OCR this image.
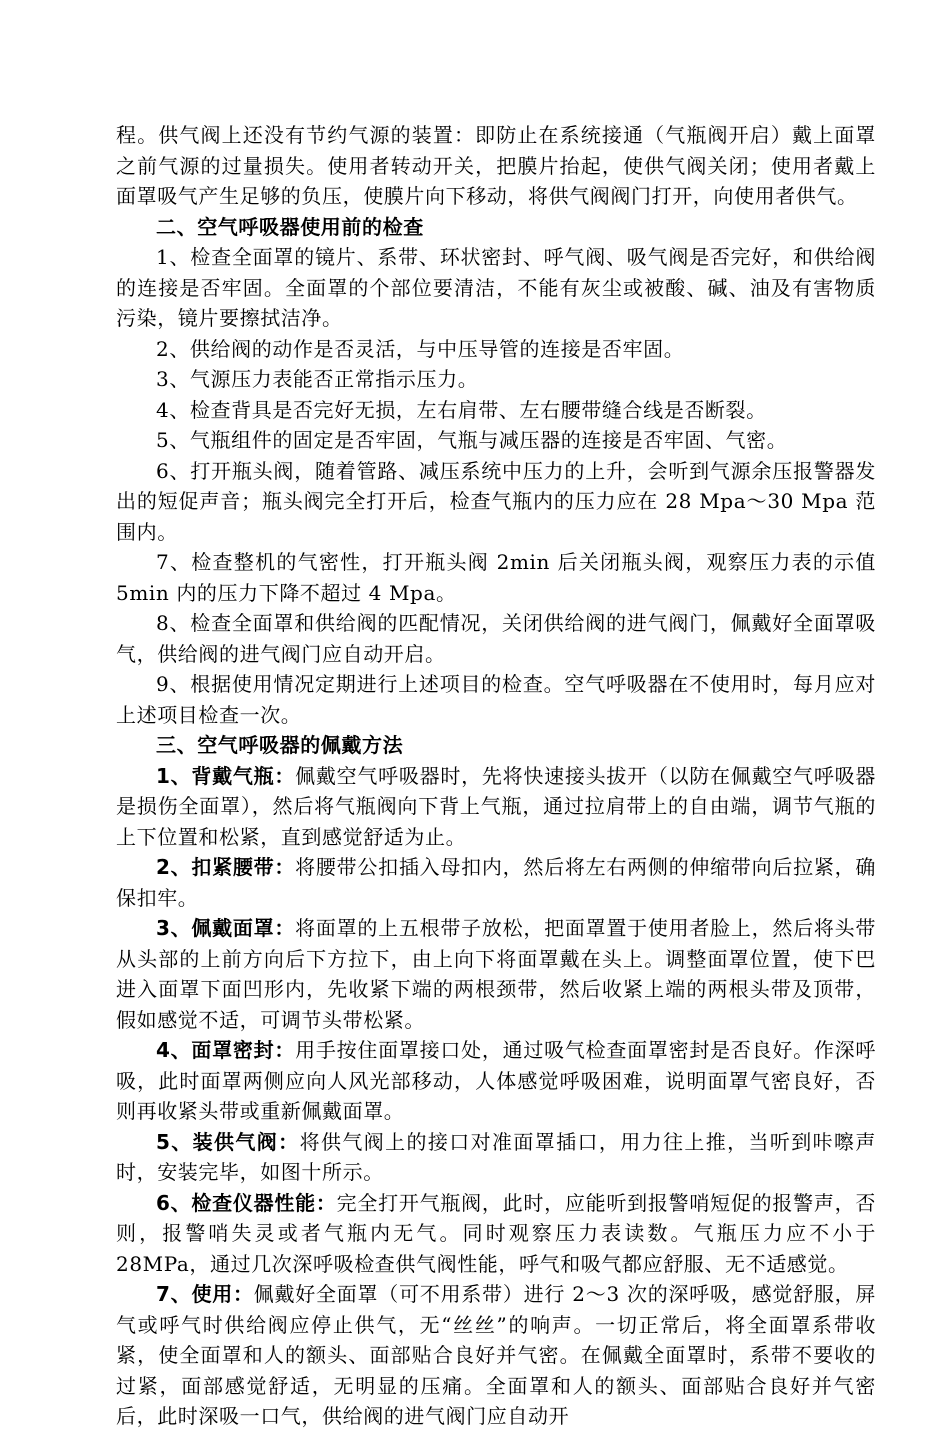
程。供气阀上还没有节约气源的装置：即防止在系统接通（气瓶阀开启）戴上面罩之前气源的过量损失。使用者转动开关，把膜片抬起，使供气阀关闭；使用者戴上面罩吸气产生足够的负压，使膜片向下移动，将供气阀阀门打开，向使用者供气。

二、空气呼吸器使用前的检查

1、检查全面罩的镜片、系带、环状密封、呼气阀、吸气阀是否完好，和供给阀的连接是否牢固。全面罩的个部位要清洁，不能有灰尘或被酸、碱、油及有害物质污染，镜片要擦拭洁净。

2、供给阀的动作是否灵活，与中压导管的连接是否牢固。

3、气源压力表能否正常指示压力。

4、检查背具是否完好无损，左右肩带、左右腰带缝合线是否断裂。

5、气瓶组件的固定是否牢固，气瓶与减压器的连接是否牢固、气密。

6、打开瓶头阀，随着管路、减压系统中压力的上升，会听到气源余压报警器发出的短促声音；瓶头阀完全打开后，检查气瓶内的压力应在 28 Mpa～30 Mpa 范围内。

7、检查整机的气密性，打开瓶头阀 2min 后关闭瓶头阀，观察压力表的示值 5min 内的压力下降不超过 4 Mpa。

8、检查全面罩和供给阀的匹配情况，关闭供给阀的进气阀门，佩戴好全面罩吸气，供给阀的进气阀门应自动开启。

9、根据使用情况定期进行上述项目的检查。空气呼吸器在不使用时，每月应对上述项目检查一次。

三、空气呼吸器的佩戴方法

1、背戴气瓶：佩戴空气呼吸器时，先将快速接头拔开（以防在佩戴空气呼吸器是损伤全面罩），然后将气瓶阀向下背上气瓶，通过拉肩带上的自由端，调节气瓶的上下位置和松紧，直到感觉舒适为止。

2、扣紧腰带：将腰带公扣插入母扣内，然后将左右两侧的伸缩带向后拉紧，确保扣牢。

3、佩戴面罩：将面罩的上五根带子放松，把面罩置于使用者脸上，然后将头带从头部的上前方向后下方拉下，由上向下将面罩戴在头上。调整面罩位置，使下巴进入面罩下面凹形内，先收紧下端的两根颈带，然后收紧上端的两根头带及顶带，假如感觉不适，可调节头带松紧。

4、面罩密封：用手按住面罩接口处，通过吸气检查面罩密封是否良好。作深呼吸，此时面罩两侧应向人风光部移动，人体感觉呼吸困难，说明面罩气密良好，否则再收紧头带或重新佩戴面罩。

5、装供气阀：将供气阀上的接口对准面罩插口，用力往上推，当听到咔嚓声时，安装完毕，如图十所示。

6、检查仪器性能：完全打开气瓶阀，此时，应能听到报警哨短促的报警声，否则，报警哨失灵或者气瓶内无气。同时观察压力表读数。气瓶压力应不小于 28MPa，通过几次深呼吸检查供气阀性能，呼气和吸气都应舒服、无不适感觉。

7、使用：佩戴好全面罩（可不用系带）进行 2～3 次的深呼吸，感觉舒服，屏气或呼气时供给阀应停止供气，无“丝丝”的响声。一切正常后，将全面罩系带收紧，使全面罩和人的额头、面部贴合良好并气密。在佩戴全面罩时，系带不要收的过紧，面部感觉舒适，无明显的压痛。全面罩和人的额头、面部贴合良好并气密后，此时深吸一口气，供给阀的进气阀门应自动开
